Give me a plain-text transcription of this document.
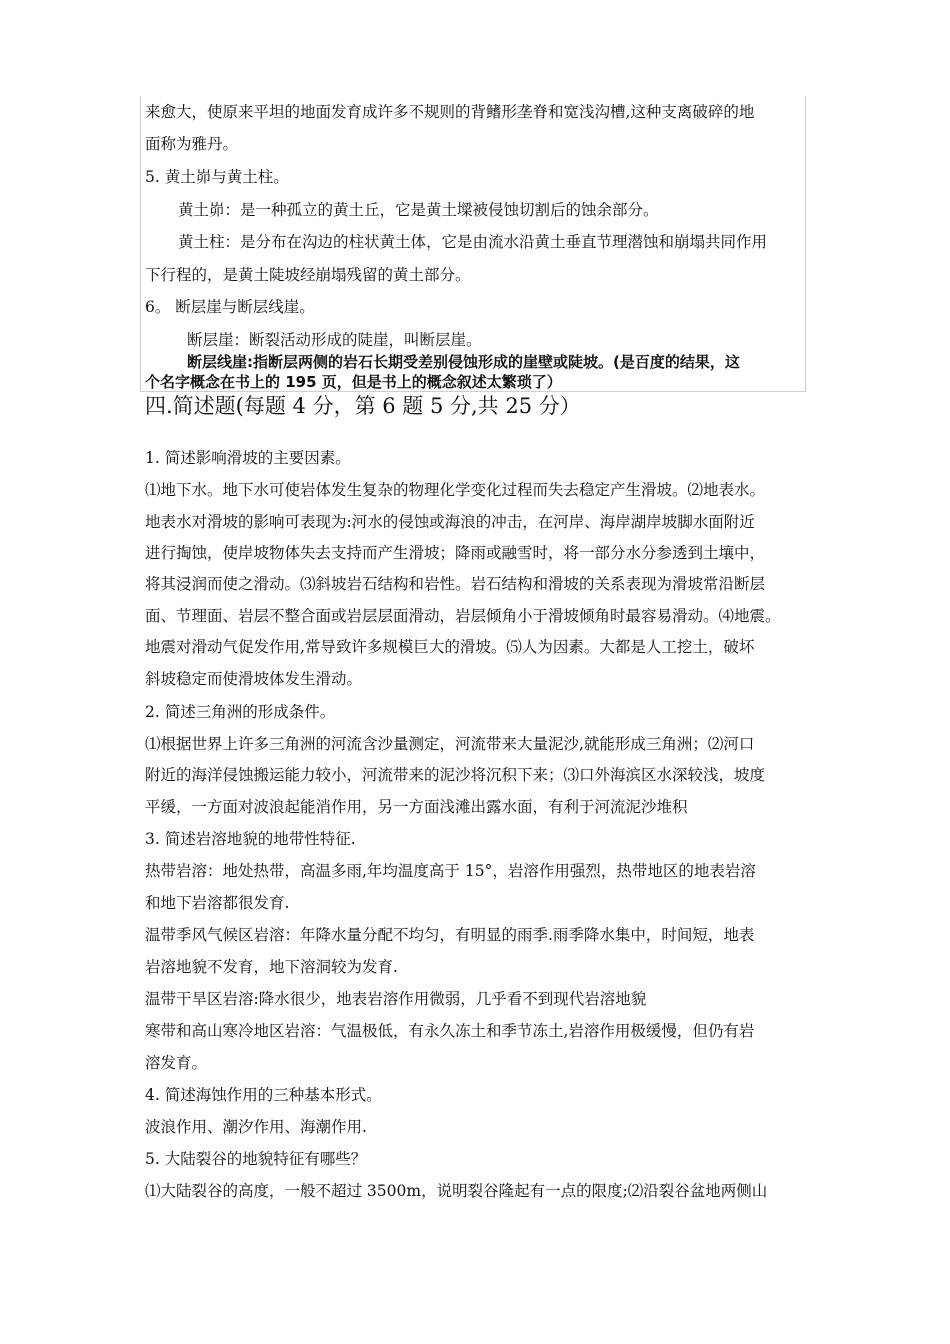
来愈大，使原来平坦的地面发育成许多不规则的背鳍形垄脊和宽浅沟槽,这种支离破碎的地
面称为雅丹。
5. 黄土峁与黄土柱。
黄土峁：是一种孤立的黄土丘，它是黄土墚被侵蚀切割后的蚀余部分。
黄土柱：是分布在沟边的柱状黄土体，它是由流水沿黄土垂直节理潜蚀和崩塌共同作用
下行程的，是黄土陡坡经崩塌残留的黄土部分。
6。 断层崖与断层线崖。
断层崖：断裂活动形成的陡崖，叫断层崖。
断层线崖:指断层两侧的岩石长期受差别侵蚀形成的崖壁或陡坡。(是百度的结果，这
个名字概念在书上的 195 页，但是书上的概念叙述太繁琐了）
四.简述题(每题 4 分，第 6 题 5 分,共 25 分）
1. 简述影响滑坡的主要因素。
⑴地下水。地下水可使岩体发生复杂的物理化学变化过程而失去稳定产生滑坡。⑵地表水。
地表水对滑坡的影响可表现为:河水的侵蚀或海浪的冲击，在河岸、海岸湖岸坡脚水面附近
进行掏蚀，使岸坡物体失去支持而产生滑坡；降雨或融雪时，将一部分水分参透到土壤中，
将其浸润而使之滑动。⑶斜坡岩石结构和岩性。岩石结构和滑坡的关系表现为滑坡常沿断层
面、节理面、岩层不整合面或岩层层面滑动，岩层倾角小于滑坡倾角时最容易滑动。⑷地震。
地震对滑动气促发作用,常导致许多规模巨大的滑坡。⑸人为因素。大都是人工挖土，破坏
斜坡稳定而使滑坡体发生滑动。
2. 简述三角洲的形成条件。
⑴根据世界上许多三角洲的河流含沙量测定，河流带来大量泥沙,就能形成三角洲；⑵河口
附近的海洋侵蚀搬运能力较小，河流带来的泥沙将沉积下来；⑶口外海滨区水深较浅，坡度
平缓，一方面对波浪起能消作用，另一方面浅滩出露水面，有利于河流泥沙堆积
3. 简述岩溶地貌的地带性特征.
热带岩溶：地处热带，高温多雨,年均温度高于 15°，岩溶作用强烈，热带地区的地表岩溶
和地下岩溶都很发育.
温带季风气候区岩溶：年降水量分配不均匀，有明显的雨季.雨季降水集中，时间短，地表
岩溶地貌不发育，地下溶洞较为发育.
温带干旱区岩溶:降水很少，地表岩溶作用微弱，几乎看不到现代岩溶地貌
寒带和高山寒冷地区岩溶：气温极低，有永久冻土和季节冻土,岩溶作用极缓慢，但仍有岩
溶发育。
4. 简述海蚀作用的三种基本形式。
波浪作用、潮汐作用、海潮作用.
5. 大陆裂谷的地貌特征有哪些？
⑴大陆裂谷的高度，一般不超过 3500m，说明裂谷隆起有一点的限度;⑵沿裂谷盆地两侧山
